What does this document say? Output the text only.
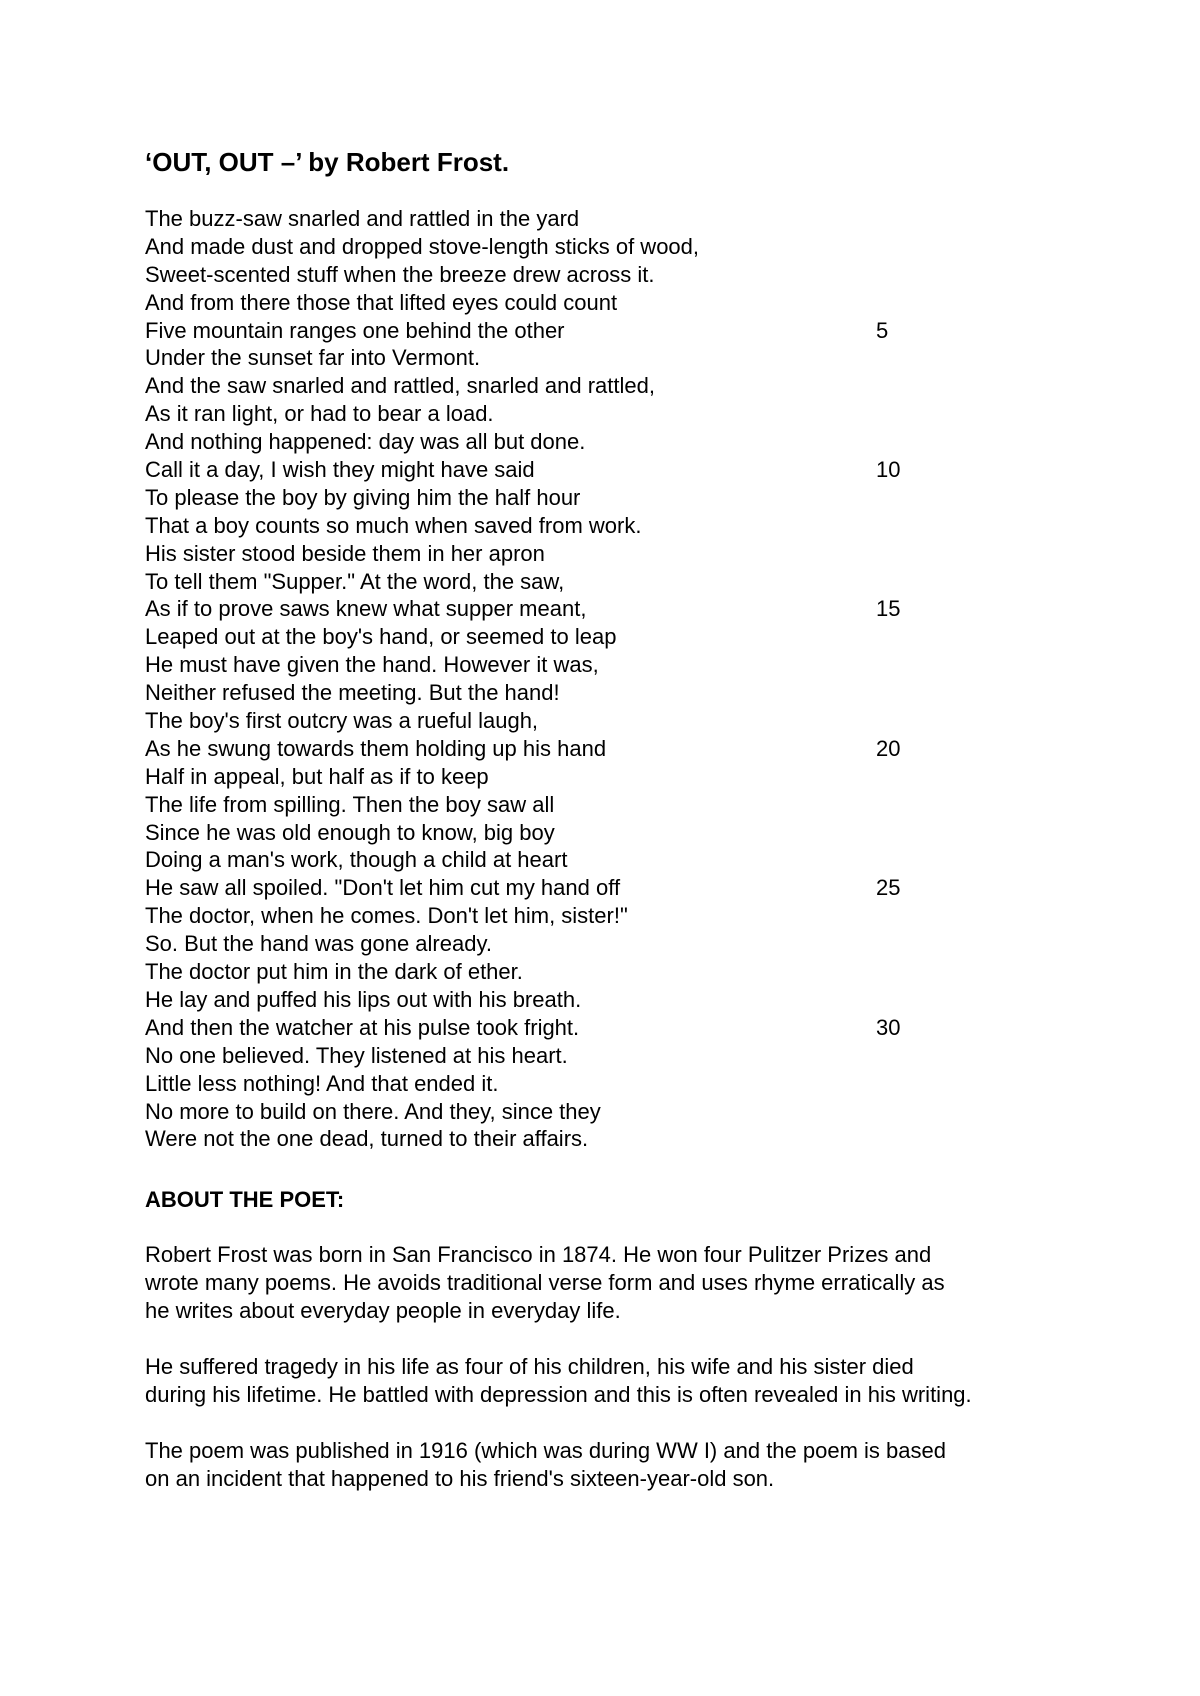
‘OUT, OUT –’ by Robert Frost.
The buzz-saw snarled and rattled in the yard
And made dust and dropped stove-length sticks of wood,
Sweet-scented stuff when the breeze drew across it.
And from there those that lifted eyes could count
Five mountain ranges one behind the other	5
Under the sunset far into Vermont.
And the saw snarled and rattled, snarled and rattled,
As it ran light, or had to bear a load.
And nothing happened: day was all but done.
Call it a day, I wish they might have said	10
To please the boy by giving him the half hour
That a boy counts so much when saved from work.
His sister stood beside them in her apron
To tell them "Supper." At the word, the saw,
As if to prove saws knew what supper meant,	15
Leaped out at the boy's hand, or seemed to leap
He must have given the hand. However it was,
Neither refused the meeting. But the hand!
The boy's first outcry was a rueful laugh,
As he swung towards them holding up his hand	20
Half in appeal, but half as if to keep
The life from spilling. Then the boy saw all
Since he was old enough to know, big boy
Doing a man's work, though a child at heart
He saw all spoiled. "Don't let him cut my hand off	25
The doctor, when he comes. Don't let him, sister!"
So. But the hand was gone already.
The doctor put him in the dark of ether.
He lay and puffed his lips out with his breath.
And then the watcher at his pulse took fright.	30
No one believed. They listened at his heart.
Little less nothing! And that ended it.
No more to build on there. And they, since they
Were not the one dead, turned to their affairs.
ABOUT THE POET:
Robert Frost was born in San Francisco in 1874. He won four Pulitzer Prizes and
wrote many poems. He avoids traditional verse form and uses rhyme erratically as
he writes about everyday people in everyday life.
He suffered tragedy in his life as four of his children, his wife and his sister died
during his lifetime. He battled with depression and this is often revealed in his writing.
The poem was published in 1916 (which was during WW I) and the poem is based
on an incident that happened to his friend's sixteen-year-old son.
